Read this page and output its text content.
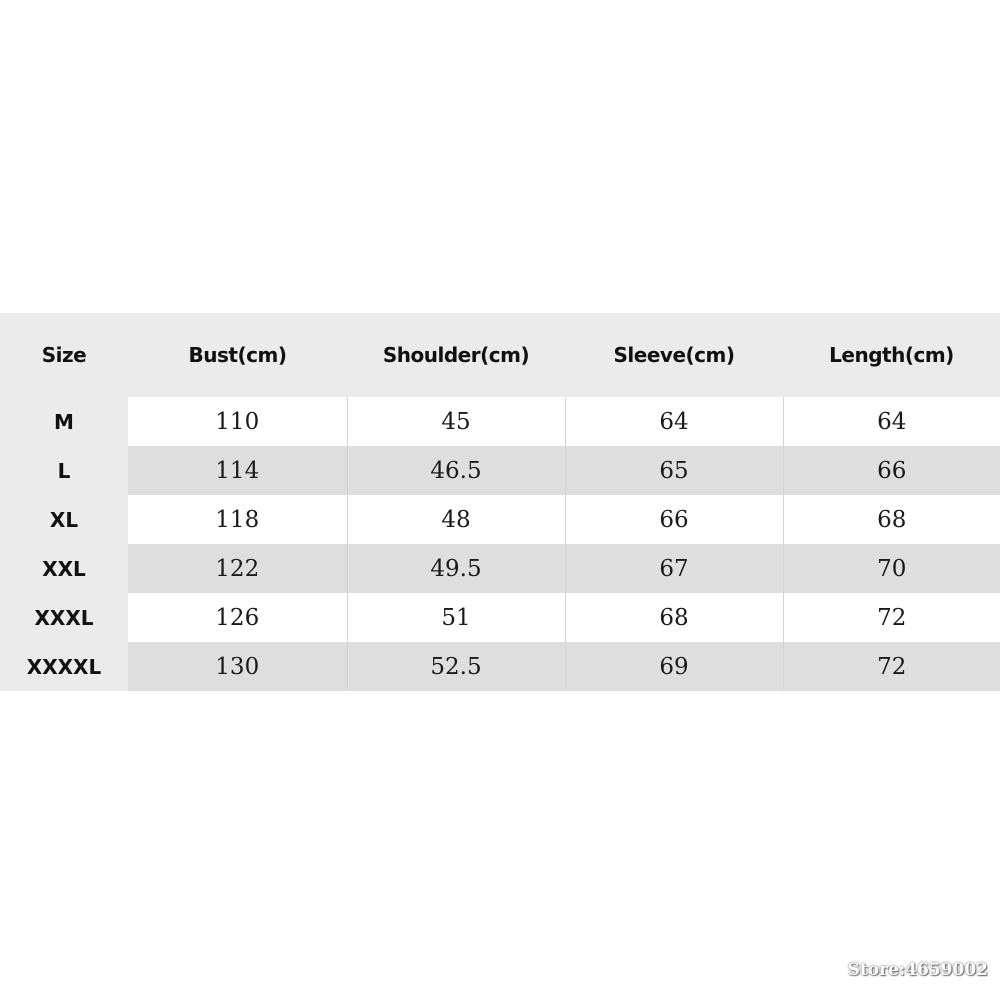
Size	Bust(cm)	Shoulder(cm)	Sleeve(cm)	Length(cm)
M	110	45	64	64
L	114	46.5	65	66
XL	118	48	66	68
XXL	122	49.5	67	70
XXXL	126	51	68	72
XXXXL	130	52.5	69	72
Store:4659002
